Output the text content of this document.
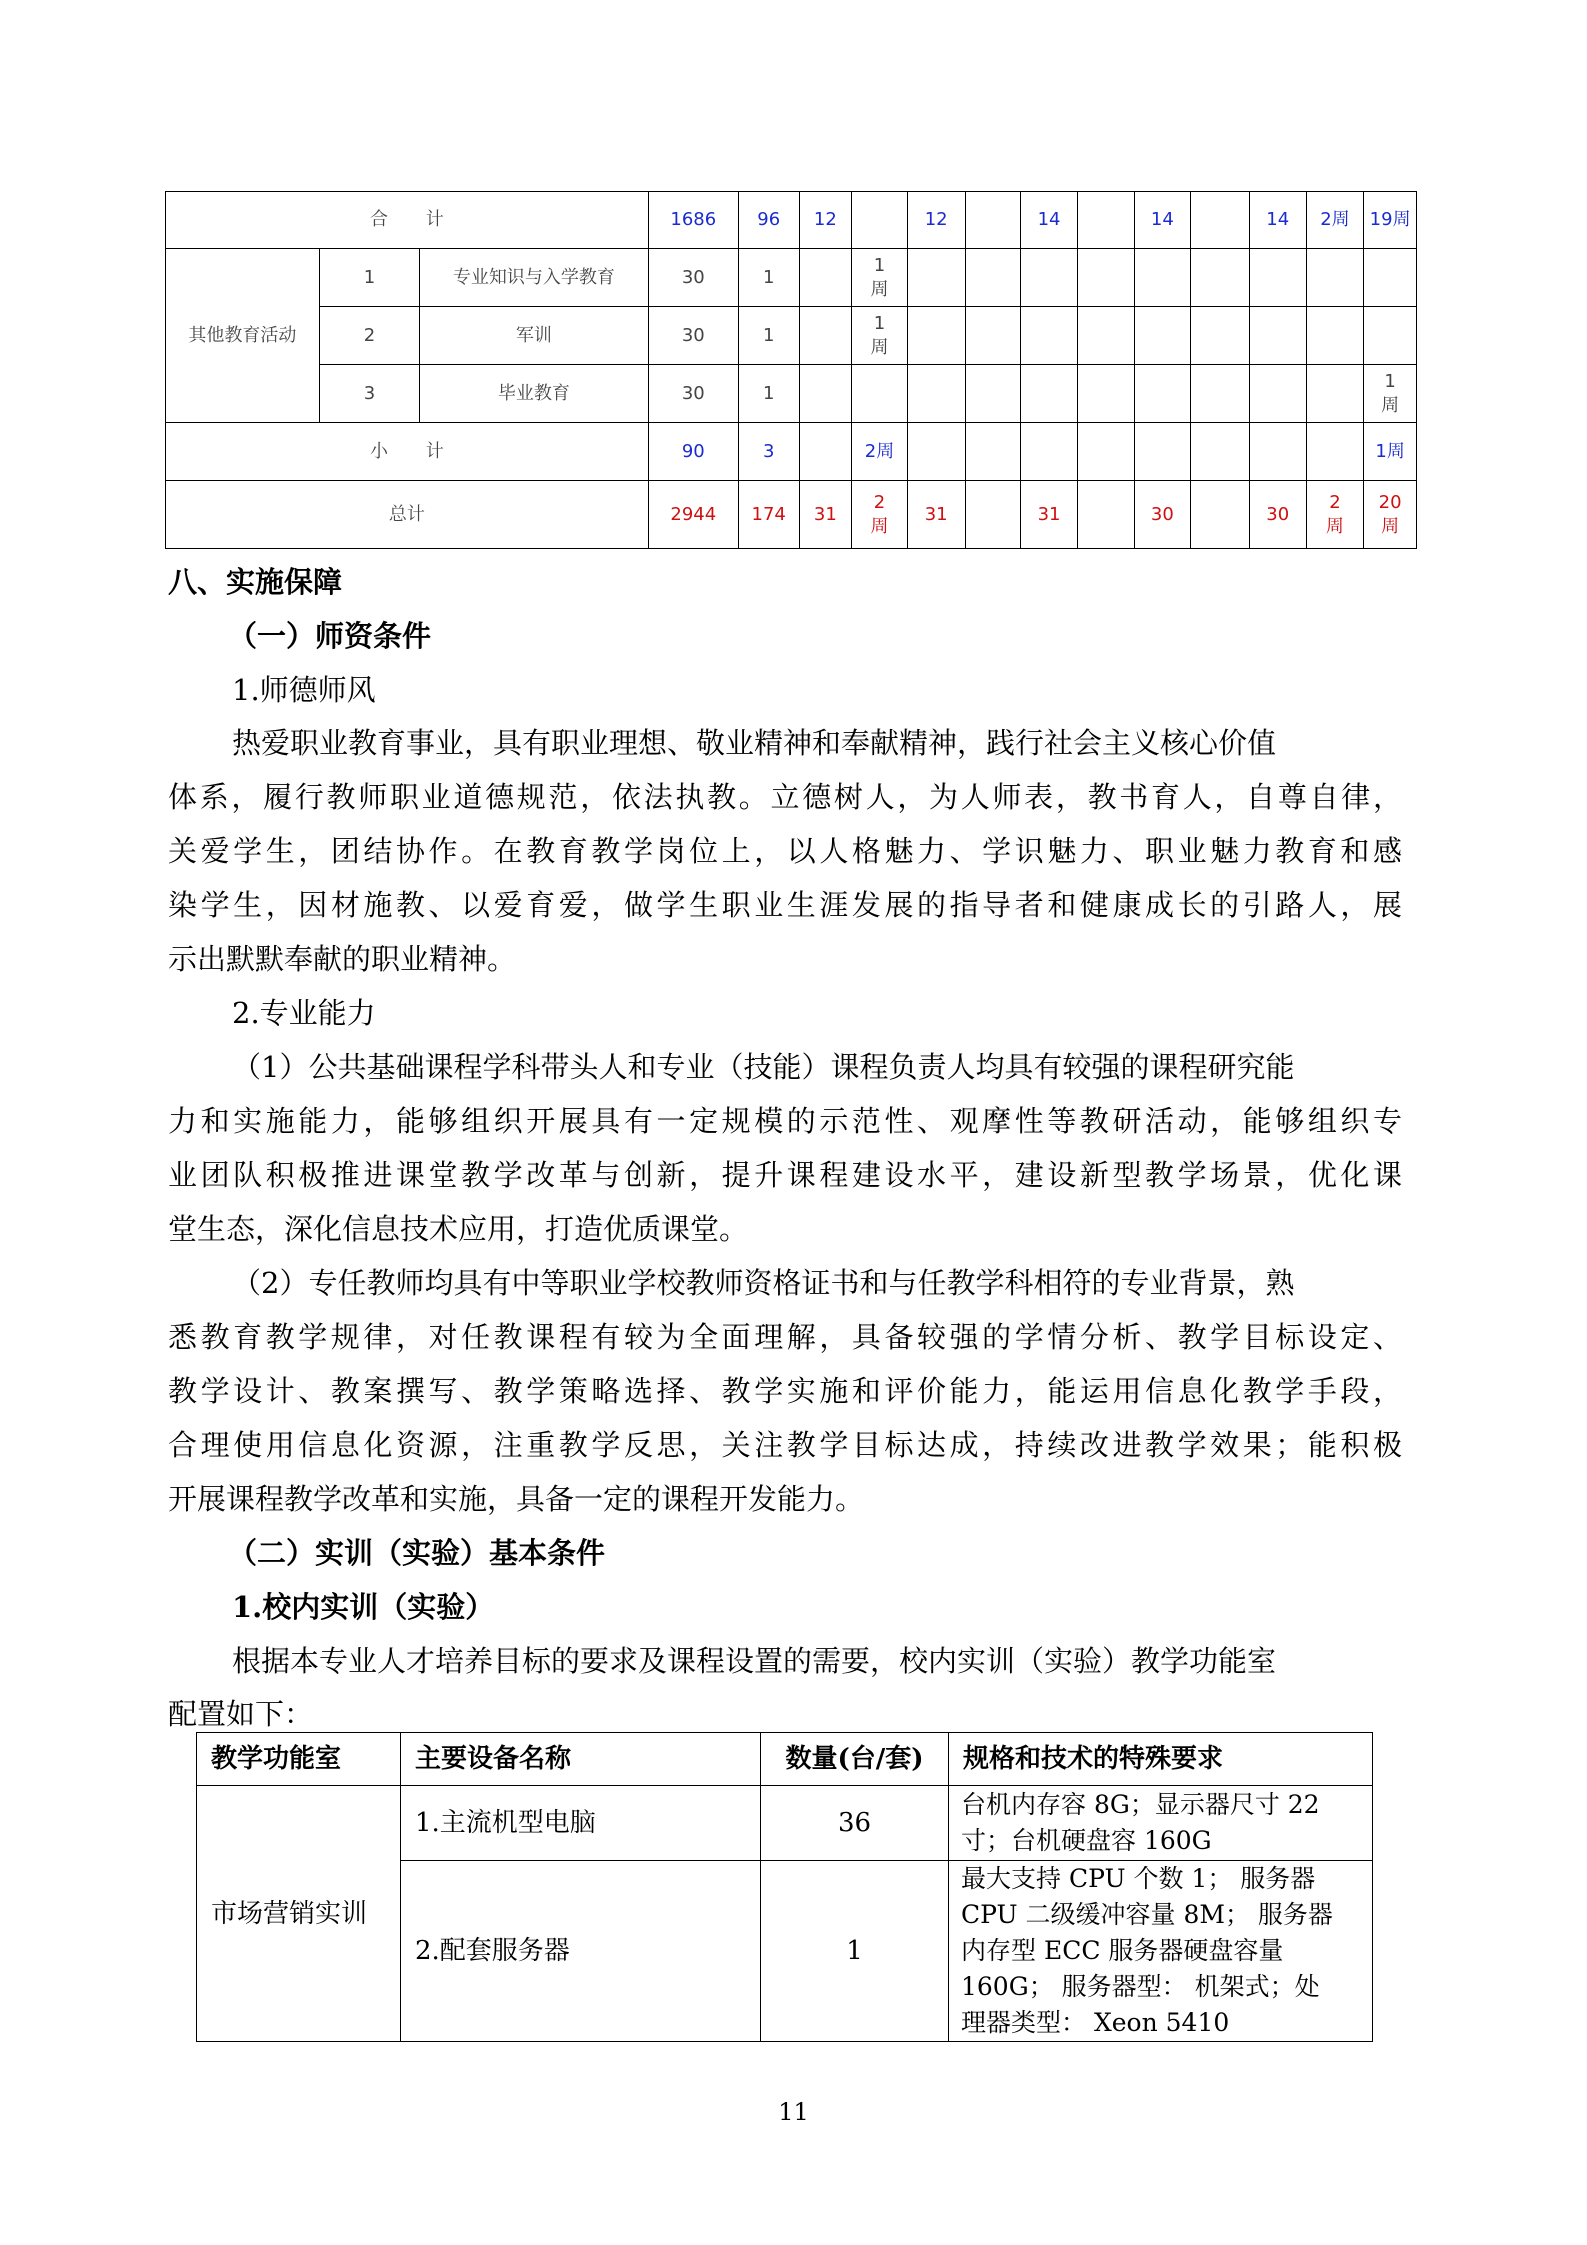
合 计			1686	96	12		12		14		14		14	2周	19周
其他教育活动	1	专业知识与入学教育	30	1		1周									
	2	军训	30	1		1周									
	3	毕业教育	30	1											1周
小 计			90	3		2周									1周
总计			2944	174	31	2周	31		31		30		30	2周	20周
八、实施保障
（一）师资条件
1.师德师风
热爱职业教育事业，具有职业理想、敬业精神和奉献精神，践行社会主义核心价值
体系，履行教师职业道德规范，依法执教。立德树人，为人师表，教书育人，自尊自律，
关爱学生，团结协作。在教育教学岗位上，以人格魅力、学识魅力、职业魅力教育和感
染学生，因材施教、以爱育爱，做学生职业生涯发展的指导者和健康成长的引路人，展
示出默默奉献的职业精神。
2.专业能力
（1）公共基础课程学科带头人和专业（技能）课程负责人均具有较强的课程研究能
力和实施能力，能够组织开展具有一定规模的示范性、观摩性等教研活动，能够组织专
业团队积极推进课堂教学改革与创新，提升课程建设水平，建设新型教学场景，优化课
堂生态，深化信息技术应用，打造优质课堂。
（2）专任教师均具有中等职业学校教师资格证书和与任教学科相符的专业背景，熟
悉教育教学规律，对任教课程有较为全面理解，具备较强的学情分析、教学目标设定、
教学设计、教案撰写、教学策略选择、教学实施和评价能力，能运用信息化教学手段，
合理使用信息化资源，注重教学反思，关注教学目标达成，持续改进教学效果；能积极
开展课程教学改革和实施，具备一定的课程开发能力。
（二）实训（实验）基本条件
1.校内实训（实验）
根据本专业人才培养目标的要求及课程设置的需要，校内实训（实验）教学功能室
配置如下：
教学功能室	主要设备名称	数量(台/套)	规格和技术的特殊要求
市场营销实训	1.主流机型电脑	36	台机内存容 8G；显示器尺寸 22
寸；台机硬盘容 160G

	2.配套服务器	1	最大支持 CPU 个数 1； 服务器
CPU 二级缓冲容量 8M； 服务器
内存型 ECC 服务器硬盘容量
160G； 服务器型： 机架式；处
理器类型： Xeon 5410
11
